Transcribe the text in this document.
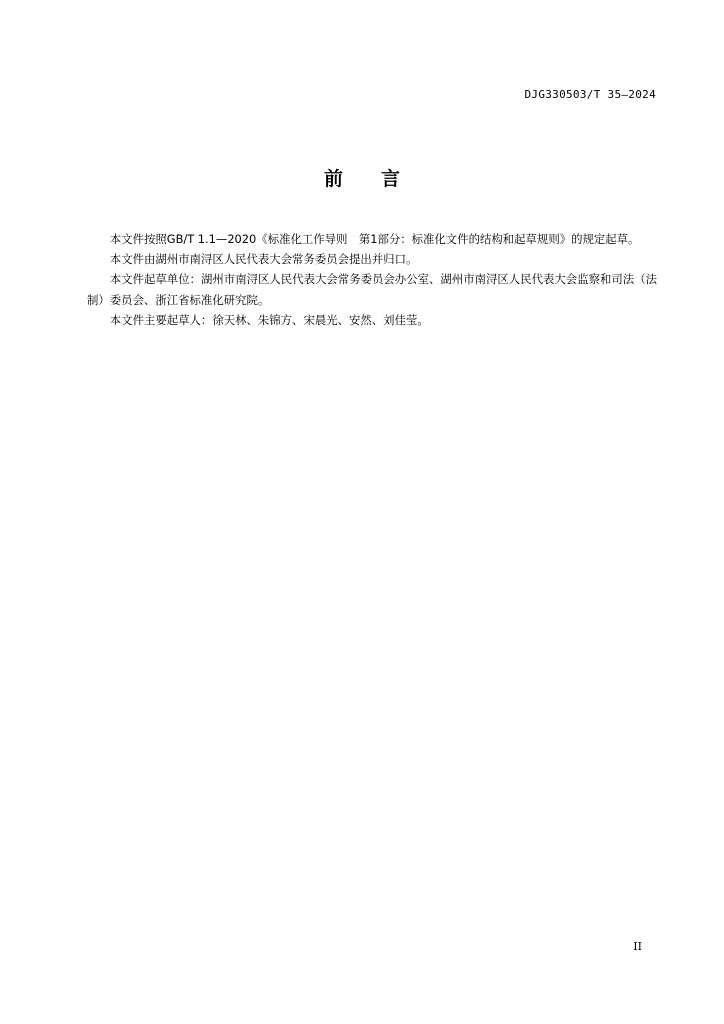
DJG330503/T 35—2024
前 言

本文件按照GB/T 1.1—2020《标准化工作导则　第1部分：标准化文件的结构和起草规则》的规定起草。

本文件由湖州市南浔区人民代表大会常务委员会提出并归口。

本文件起草单位：湖州市南浔区人民代表大会常务委员会办公室、湖州市南浔区人民代表大会监察和司法（法制）委员会、浙江省标准化研究院。

本文件主要起草人：徐天林、朱锦方、宋晨光、安然、刘佳莹。

II
